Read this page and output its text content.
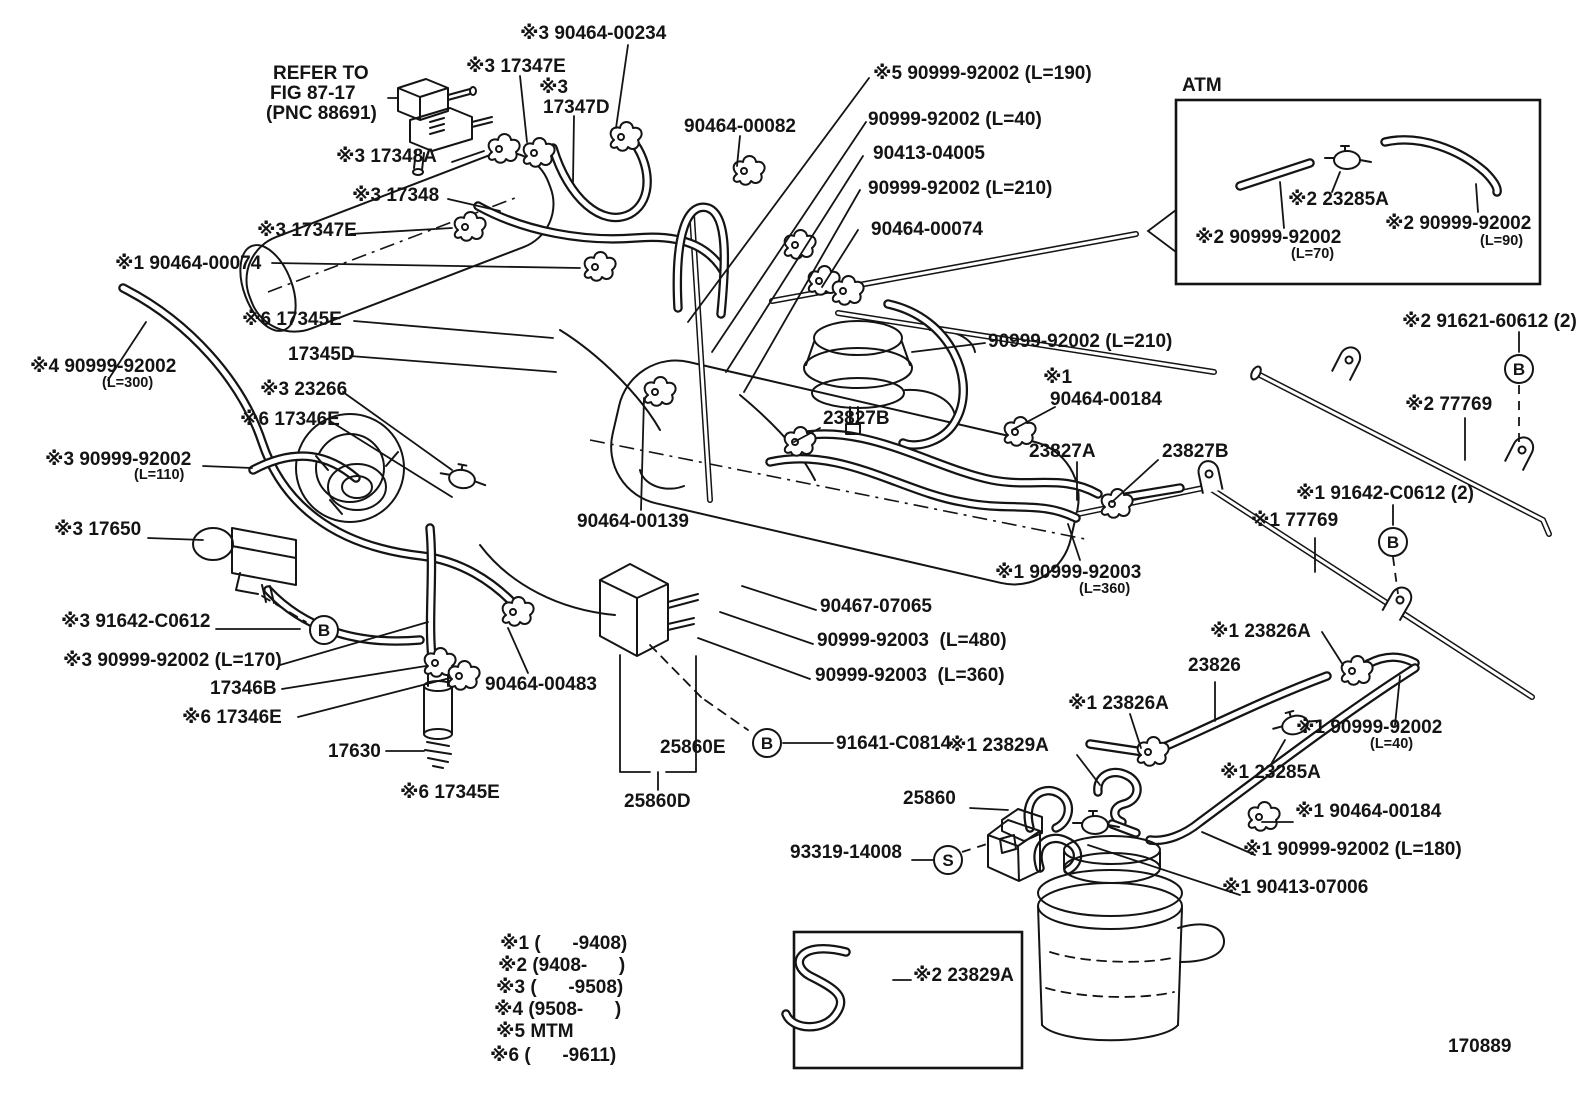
REFER TO
FIG 87-17
(PNC 88691)
※3 90464-00234
※3 17347E
※3
17347D
90464-00082
※5 90999-92002 (L=190)
90999-92002 (L=40)
90413-04005
90999-92002 (L=210)
90464-00074
※3 17348A
※3 17348
※3 17347E
※1 90464-00074
90999-92002 (L=210)
ATM
※2 23285A
※2 90999-92002
(L=70)
※2 90999-92002
(L=90)
※2 91621-60612 (2)
B
※2 77769
※1 91642-C0612 (2)
B
※1 77769
※4 90999-92002
(L=300)
※6 17345E
17345D
※3 23266
※6 17346E
※3 90999-92002
(L=110)
※3 17650
※3 91642-C0612	B
※3 90999-92002 (L=170)
17346B
※6 17346E
17630
※6 17345E
90464-00139
90464-00483
25860E
25860D
23827B
※1
90464-00184
23827A	23827B
※1 90999-92003
(L=360)
90467-07065
90999-92003  (L=480)
90999-92003  (L=360)
B	91641-C0814
※1 23826A
23826
※1 23826A
※1 90999-92002
(L=40)
※1 23285A
※1 90464-00184
※1 90999-92002 (L=180)
※1 90413-07006
25860
93319-14008	S
※1 23829A
※2 23829A
※1 (      -9408)
※2 (9408-      )
※3 (      -9508)
※4 (9508-      )
※5 MTM
※6 (      -9611)	170889
